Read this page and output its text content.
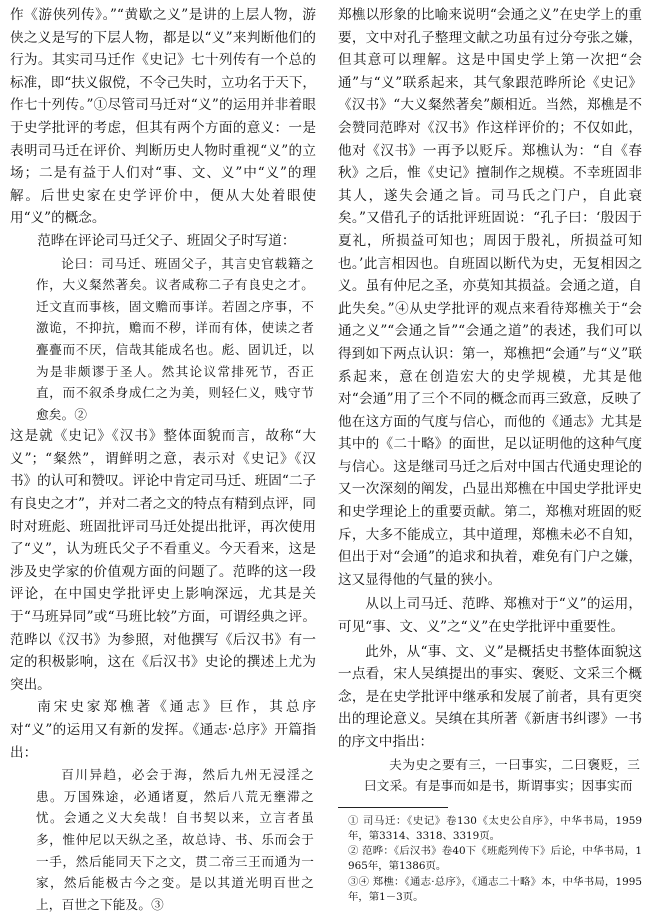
作《游侠列传》。”“黄歇之义”是讲的上层人物，游侠之义是写的下层人物，都是以“义”来判断他们的行为。其实司马迁作《史记》七十列传有一个总的标准，即“扶义俶傥，不令己失时，立功名于天下，作七十列传。”①尽管司马迁对“义”的运用并非着眼于史学批评的考虑，但其有两个方面的意义：一是表明司马迁在评价、判断历史人物时重视“义”的立场；二是有益于人们对“事、文、义”中“义”的理解。后世史家在史学评价中，便从大处着眼使用“义”的概念。

范晔在评论司马迁父子、班固父子时写道：

论曰：司马迁、班固父子，其言史官载籍之作，大义粲然著矣。议者咸称二子有良史之才。迁文直而事核，固文赡而事详。若固之序事，不激诡，不抑抗，赡而不秽，详而有体，使读之者亹亹而不厌，信哉其能成名也。彪、固讥迁，以为是非颇谬于圣人。然其论议常排死节，否正直，而不叙杀身成仁之为美，则轻仁义，贱守节愈矣。②

这是就《史记》《汉书》整体面貌而言，故称“大义”；“粲然”，谓鲜明之意，表示对《史记》《汉书》的认可和赞叹。评论中肯定司马迁、班固“二子有良史之才”，并对二者之文的特点有精到点评，同时对班彪、班固批评司马迁处提出批评，再次使用了“义”，认为班氏父子不看重义。今天看来，这是涉及史学家的价值观方面的问题了。范晔的这一段评论，在中国史学批评史上影响深远，尤其是关于“马班异同”或“马班比较”方面，可谓经典之评。范晔以《汉书》为参照，对他撰写《后汉书》有一定的积极影响，这在《后汉书》史论的撰述上尤为突出。

南宋史家郑樵著《通志》巨作，其总序对“义”的运用又有新的发挥。《通志·总序》开篇指出：

百川异趋，必会于海，然后九州无浸淫之患。万国殊途，必通诸夏，然后八荒无壅滞之忧。会通之义大矣哉！自书契以来，立言者虽多，惟仲尼以天纵之圣，故总诗、书、乐而会于一手，然后能同天下之文，贯二帝三王而通为一家，然后能极古今之变。是以其道光明百世之上，百世之下能及。③

郑樵以形象的比喻来说明“会通之义”在史学上的重要，文中对孔子整理文献之功虽有过分夸张之嫌，但其意可以理解。这是中国史学上第一次把“会通”与“义”联系起来，其气象跟范晔所论《史记》《汉书》“大义粲然著矣”颇相近。当然，郑樵是不会赞同范晔对《汉书》作这样评价的；不仅如此，他对《汉书》一再予以贬斥。郑樵认为：“自《春秋》之后，惟《史记》擅制作之规模。不幸班固非其人，遂失会通之旨。司马氏之门户，自此衰矣。”又借孔子的话批评班固说：“孔子曰：‘殷因于夏礼，所损益可知也；周因于殷礼，所损益可知也。’此言相因也。自班固以断代为史，无复相因之义。虽有仲尼之圣，亦莫知其损益。会通之道，自此失矣。”④从史学批评的观点来看待郑樵关于“会通之义”“会通之旨”“会通之道”的表述，我们可以得到如下两点认识：第一，郑樵把“会通”与“义”联系起来，意在创造宏大的史学规模，尤其是他对“会通”用了三个不同的概念而再三致意，反映了他在这方面的气度与信心，而他的《通志》尤其是其中的《二十略》的面世，足以证明他的这种气度与信心。这是继司马迁之后对中国古代通史理论的又一次深刻的阐发，凸显出郑樵在中国史学批评史和史学理论上的重要贡献。第二，郑樵对班固的贬斥，大多不能成立，其中道理，郑樵未必不自知，但出于对“会通”的追求和执着，难免有门户之嫌，这又显得他的气量的狭小。

从以上司马迁、范晔、郑樵对于“义”的运用，可见“事、文、义”之“义”在史学批评中重要性。

此外，从“事、文、义”是概括史书整体面貌这一点看，宋人吴缜提出的事实、褒贬、文采三个概念，是在史学批评中继承和发展了前者，具有更突出的理论意义。吴缜在其所著《新唐书纠谬》一书的序文中指出：

夫为史之要有三，一曰事实，二曰褒贬，三曰文采。有是事而如是书，斯谓事实；因事实而

① 司马迁：《史记》卷130《太史公自序》，中华书局，1959年，第3314、3318、3319页。

② 范晔：《后汉书》卷40下《班彪列传下》后论，中华书局，1965年，第1386页。

③④ 郑樵：《通志·总序》，《通志二十略》本，中华书局，1995年，第1－3页。
